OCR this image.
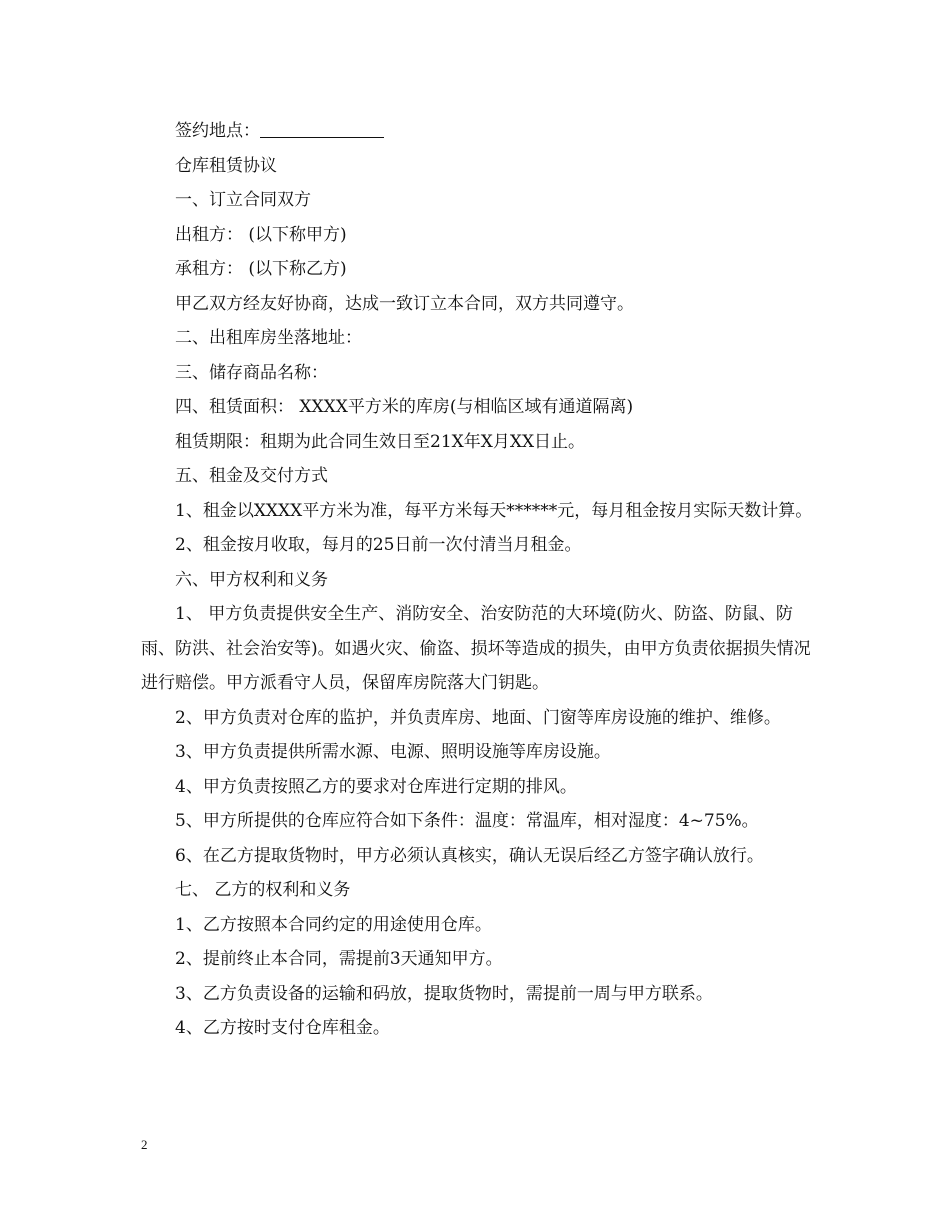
签约地点：

仓库租赁协议

一、订立合同双方

出租方： (以下称甲方)

承租方： (以下称乙方)

甲乙双方经友好协商，达成一致订立本合同，双方共同遵守。

二、出租库房坐落地址：

三、储存商品名称：

四、租赁面积： XXXX平方米的库房(与相临区域有通道隔离)

租赁期限：租期为此合同生效日至21X年X月XX日止。

五、租金及交付方式

1、租金以XXXX平方米为准，每平方米每天******元，每月租金按月实际天数计算。

2、租金按月收取，每月的25日前一次付清当月租金。

六、甲方权利和义务

1、 甲方负责提供安全生产、消防安全、治安防范的大环境(防火、防盗、防鼠、防雨、防洪、社会治安等)。如遇火灾、偷盗、损坏等造成的损失，由甲方负责依据损失情况进行赔偿。甲方派看守人员，保留库房院落大门钥匙。

2、甲方负责对仓库的监护，并负责库房、地面、门窗等库房设施的维护、维修。

3、甲方负责提供所需水源、电源、照明设施等库房设施。

4、甲方负责按照乙方的要求对仓库进行定期的排风。

5、甲方所提供的仓库应符合如下条件：温度：常温库，相对湿度：4~75%。

6、在乙方提取货物时，甲方必须认真核实，确认无误后经乙方签字确认放行。

七、 乙方的权利和义务

1、乙方按照本合同约定的用途使用仓库。

2、提前终止本合同，需提前3天通知甲方。

3、乙方负责设备的运输和码放，提取货物时，需提前一周与甲方联系。

4、乙方按时支付仓库租金。

2
